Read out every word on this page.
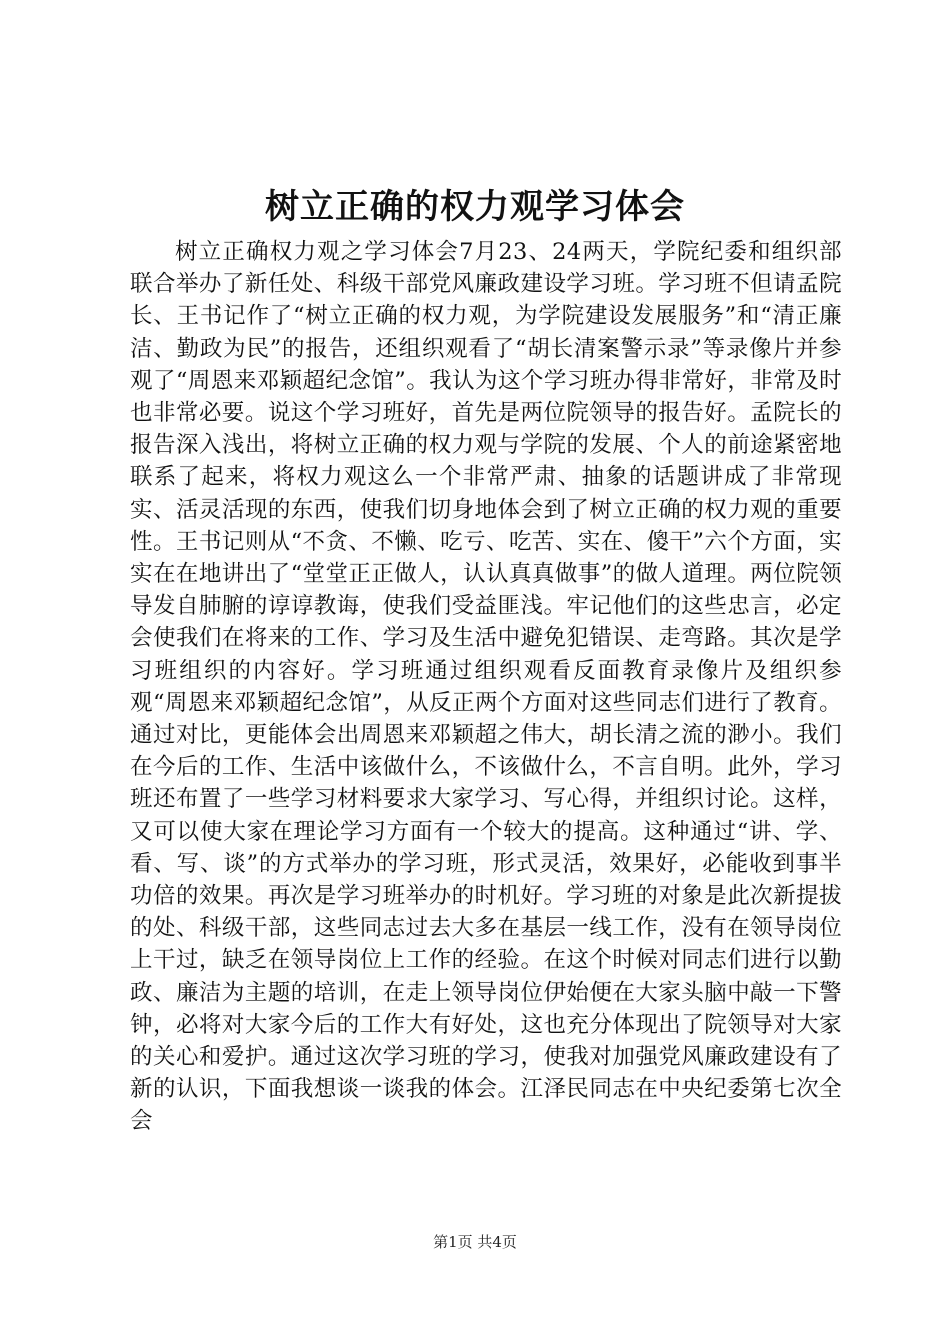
树立正确的权力观学习体会

树立正确权力观之学习体会7月23、24两天，学院纪委和组织部联合举办了新任处、科级干部党风廉政建设学习班。学习班不但请孟院长、王书记作了“树立正确的权力观，为学院建设发展服务”和“清正廉洁、勤政为民”的报告，还组织观看了“胡长清案警示录”等录像片并参观了“周恩来邓颖超纪念馆”。我认为这个学习班办得非常好，非常及时也非常必要。说这个学习班好，首先是两位院领导的报告好。孟院长的报告深入浅出，将树立正确的权力观与学院的发展、个人的前途紧密地联系了起来，将权力观这么一个非常严肃、抽象的话题讲成了非常现实、活灵活现的东西，使我们切身地体会到了树立正确的权力观的重要性。王书记则从“不贪、不懒、吃亏、吃苦、实在、傻干”六个方面，实实在在地讲出了“堂堂正正做人，认认真真做事”的做人道理。两位院领导发自肺腑的谆谆教诲，使我们受益匪浅。牢记他们的这些忠言，必定会使我们在将来的工作、学习及生活中避免犯错误、走弯路。其次是学习班组织的内容好。学习班通过组织观看反面教育录像片及组织参观“周恩来邓颖超纪念馆”，从反正两个方面对这些同志们进行了教育。通过对比，更能体会出周恩来邓颖超之伟大，胡长清之流的渺小。我们在今后的工作、生活中该做什么，不该做什么，不言自明。此外，学习班还布置了一些学习材料要求大家学习、写心得，并组织讨论。这样，又可以使大家在理论学习方面有一个较大的提高。这种通过“讲、学、看、写、谈”的方式举办的学习班，形式灵活，效果好，必能收到事半功倍的效果。再次是学习班举办的时机好。学习班的对象是此次新提拔的处、科级干部，这些同志过去大多在基层一线工作，没有在领导岗位上干过，缺乏在领导岗位上工作的经验。在这个时候对同志们进行以勤政、廉洁为主题的培训，在走上领导岗位伊始便在大家头脑中敲一下警钟，必将对大家今后的工作大有好处，这也充分体现出了院领导对大家的关心和爱护。通过这次学习班的学习，使我对加强党风廉政建设有了新的认识，下面我想谈一谈我的体会。江泽民同志在中央纪委第七次全会

第1页 共4页
